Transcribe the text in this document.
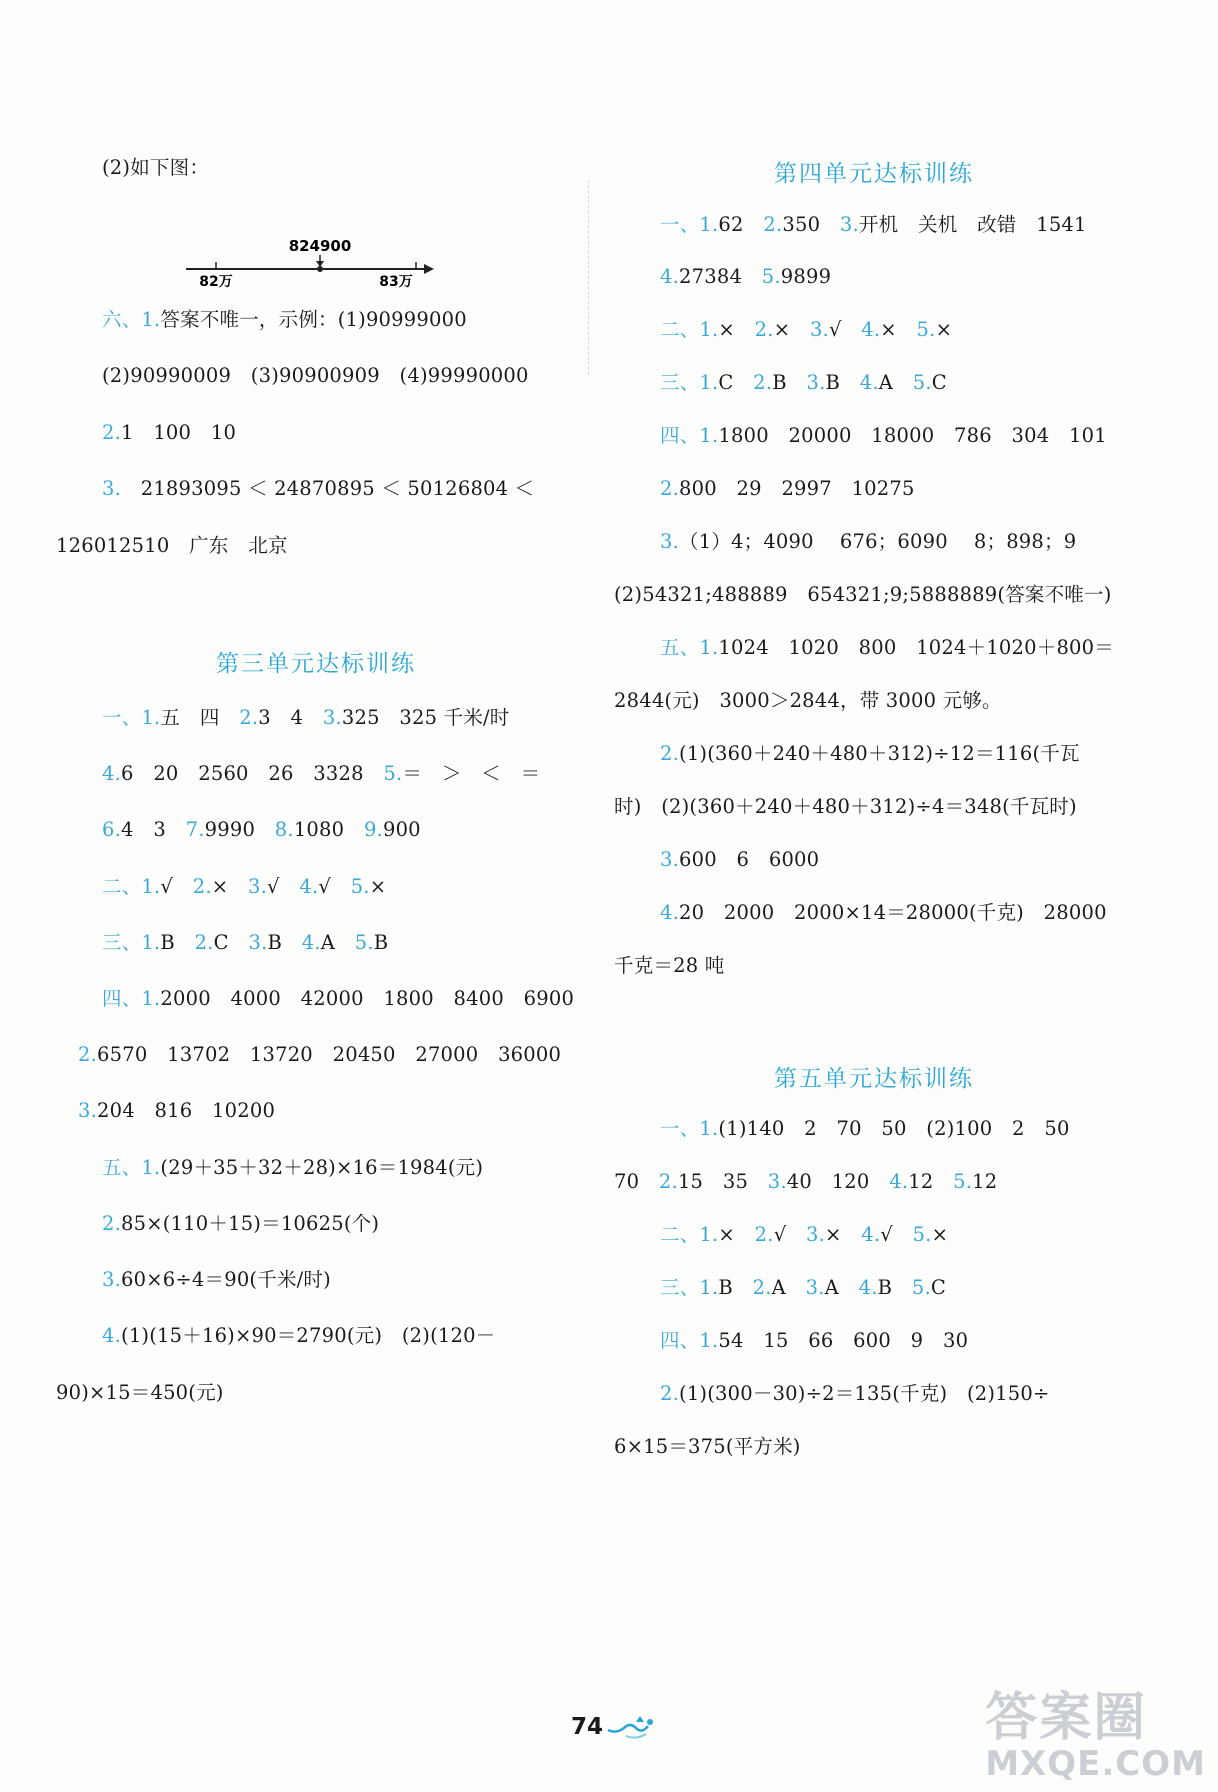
(2)如下图：
824900
82万	83万
六、1.答案不唯一，示例：(1)90999000
(2)90990009　(3)90900909　(4)99990000
2.1　100　10
3.　21893095 ＜ 24870895 ＜ 50126804 ＜
126012510　广东　北京
第三单元达标训练
一、1.五　四　2.3　4　3.325　325 千米/时
4.6　20　2560　26　3328　5.＝　＞　＜　＝
6.4　3　7.9990　8.1080　9.900
二、1.√　2.×　3.√　4.√　5.×
三、1.B　2.C　3.B　4.A　5.B
四、1.2000　4000　42000　1800　8400　6900
2.6570　13702　13720　20450　27000　36000
3.204　816　10200
五、1.(29＋35＋32＋28)×16＝1984(元)
2.85×(110＋15)＝10625(个)
3.60×6÷4＝90(千米/时)
4.(1)(15＋16)×90＝2790(元)　(2)(120－
90)×15＝450(元)
第四单元达标训练
一、1.62　2.350　3.开机　关机　改错　1541
4.27384　5.9899
二、1.×　2.×　3.√　4.×　5.×
三、1.C　2.B　3.B　4.A　5.C
四、1.1800　20000　18000　786　304　101
2.800　29　2997　10275
3.（1）4；4090　 676；6090　 8；898；9
(2)54321;488889　654321;9;5888889(答案不唯一)
五、1.1024　1020　800　1024＋1020＋800＝
2844(元)　3000＞2844，带 3000 元够。
2.(1)(360＋240＋480＋312)÷12＝116(千瓦
时)　(2)(360＋240＋480＋312)÷4＝348(千瓦时)
3.600　6　6000
4.20　2000　2000×14＝28000(千克)　28000
千克＝28 吨
第五单元达标训练
一、1.(1)140　2　70　50　(2)100　2　50
70　2.15　35　3.40　120　4.12　5.12
二、1.×　2.√　3.×　4.√　5.×
三、1.B　2.A　3.A　4.B　5.C
四、1.54　15　66　600　9　30
2.(1)(300－30)÷2＝135(千克)　(2)150÷
6×15＝375(平方米)
74	答案圈
MXQE.COM
